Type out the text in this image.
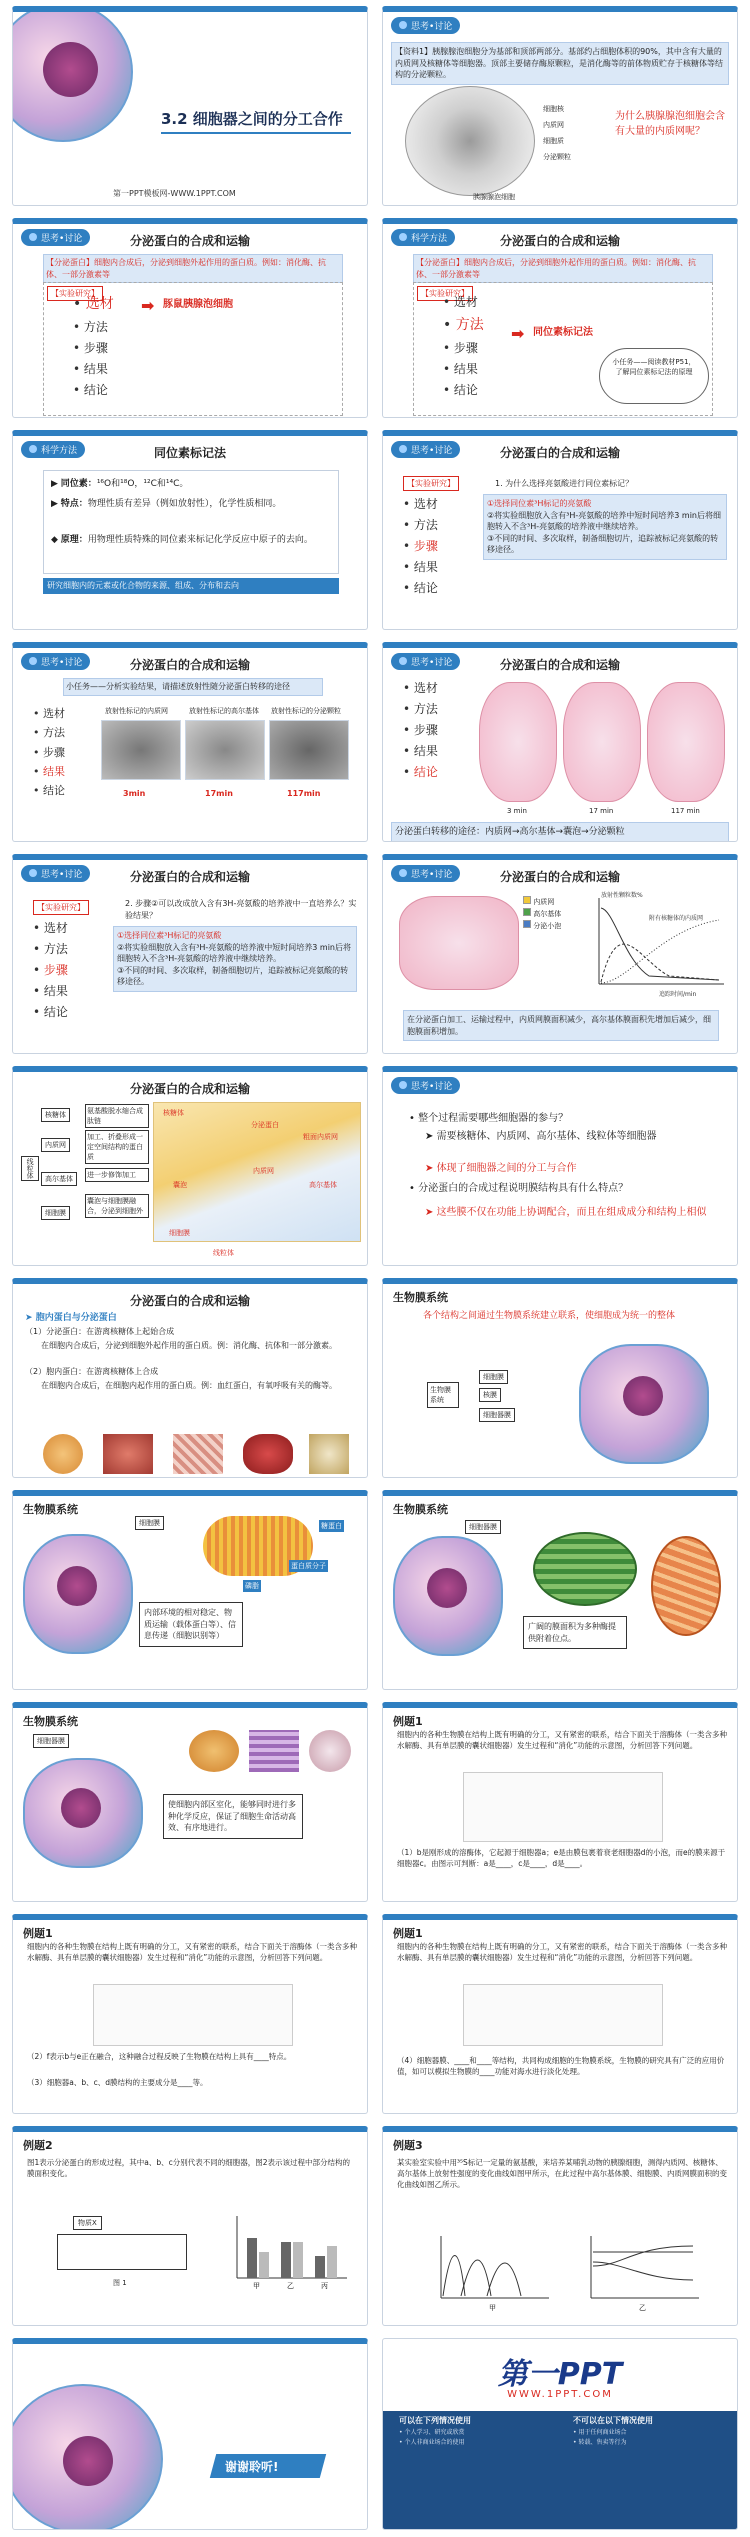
3.2 细胞器之间的分工合作
第一PPT模板网-WWW.1PPT.COM
思考•讨论
【资料1】胰腺腺泡细胞分为基部和顶部两部分。基部约占细胞体积的90%，其中含有大量的内质网及核糖体等细胞器。顶部主要储存酶原颗粒，是消化酶等的前体物质贮存于核糖体等结构的分泌颗粒。
细胞核
内质网
细胞质
分泌颗粒
胰腺腺泡细胞
为什么胰腺腺泡细胞会含有大量的内质网呢？
思考•讨论	分泌蛋白的合成和运输
【分泌蛋白】细胞内合成后，分泌到细胞外起作用的蛋白质。例如：消化酶、抗体、一部分激素等
【实验研究】
• 选材
• 方法
• 步骤
• 结果
• 结论
➡ 豚鼠胰腺泡细胞
科学方法	分泌蛋白的合成和运输
【分泌蛋白】细胞内合成后，分泌到细胞外起作用的蛋白质。例如：消化酶、抗体、一部分激素等
【实验研究】
• 选材
• 方法
• 步骤
• 结果
• 结论
➡ 同位素标记法
小任务——阅读教材P51，了解同位素标记法的原理
科学方法	同位素标记法
▶ 同位素：¹⁶O和¹⁸O，¹²C和¹⁴C。
▶ 特点：物理性质有差异（例如放射性），化学性质相同。
◆ 原理：用物理性质特殊的同位素来标记化学反应中原子的去向。
研究细胞内的元素或化合物的来源、组成、分布和去向
思考•讨论	分泌蛋白的合成和运输
【实验研究】
• 选材
• 方法
• 步骤
• 结果
• 结论
1. 为什么选择亮氨酸进行同位素标记？
①选择同位素³H标记的亮氨酸
②将实验细胞放入含有³H-亮氨酸的培养中短时间培养3 min后将细胞转入不含³H-亮氨酸的培养液中继续培养。
③不同的时间、多次取样，制备细胞切片，追踪被标记亮氨酸的转移途径。
思考•讨论	分泌蛋白的合成和运输
小任务——分析实验结果，请描述放射性随分泌蛋白转移的途径
• 选材
• 方法
• 步骤
• 结果
• 结论
放射性标记的内质网	放射性标记的高尔基体 放射性标记的分泌颗粒
3min	17min	117min
思考•讨论	分泌蛋白的合成和运输
• 选材
• 方法
• 步骤
• 结果
• 结论
3 min	17 min	117 min
分泌蛋白转移的途径：内质网→高尔基体→囊泡→分泌颗粒
思考•讨论	分泌蛋白的合成和运输
【实验研究】
• 选材
• 方法
• 步骤
• 结果
• 结论
2. 步骤②可以改成放入含有3H-亮氨酸的培养液中一直培养么？实验结果？
①选择同位素³H标记的亮氨酸
②将实验细胞放入含有³H-亮氨酸的培养液中短时间培养3 min后将细胞转入不含³H-亮氨酸的培养液中继续培养。
③不同的时间、多次取样，制备细胞切片，追踪被标记亮氨酸的转移途径。
思考•讨论	分泌蛋白的合成和运输
内质网
高尔基体
分泌小泡
放射性颗粒数%
附有核糖体的内质网
追踪时间/min
在分泌蛋白加工、运输过程中，内质网膜面积减少，高尔基体膜面积先增加后减少，细胞膜面积增加。
分泌蛋白的合成和运输
核糖体
内质网
高尔基体
细胞膜
线粒体
氨基酸脱水缩合成肽链
加工、折叠形成一定空间结构的蛋白质
进一步修饰加工
囊泡与细胞膜融合，分泌到细胞外
核糖体
分泌蛋白
囊泡
细胞膜
线粒体
粗面内质网
高尔基体
内质网
思考•讨论
• 整个过程需要哪些细胞器的参与？
➤ 需要核糖体、内质网、高尔基体、线粒体等细胞器
➤ 体现了细胞器之间的分工与合作
• 分泌蛋白的合成过程说明膜结构具有什么特点？
➤ 这些膜不仅在功能上协调配合，而且在组成成分和结构上相似
分泌蛋白的合成和运输
➤ 胞内蛋白与分泌蛋白
（1）分泌蛋白：在游离核糖体上起始合成
在细胞内合成后，分泌到细胞外起作用的蛋白质。例：消化酶、抗体和一部分激素。
（2）胞内蛋白：在游离核糖体上合成
在细胞内合成后，在细胞内起作用的蛋白质。例：血红蛋白，有氧呼吸有关的酶等。
生物膜系统
各个结构之间通过生物膜系统建立联系，使细胞成为统一的整体
生物膜系统
细胞膜
核膜
细胞器膜
生物膜系统
细胞膜	糖蛋白
磷脂
蛋白质分子
内部环境的相对稳定、物质运输（载体蛋白等）、信息传递（细胞识别等）
生物膜系统
细胞器膜
广阔的膜面积为多种酶提供附着位点。
生物膜系统
细胞器膜
使细胞内部区室化，能够同时进行多种化学反应，保证了细胞生命活动高效、有序地进行。
例题1
细胞内的各种生物膜在结构上既有明确的分工，又有紧密的联系，结合下面关于溶酶体（一类含多种水解酶、具有单层膜的囊状细胞器）发生过程和“消化”功能的示意图，分析回答下列问题。
（1）b是刚形成的溶酶体，它起源于细胞器a；e是由膜包裹着衰老细胞器d的小泡，而e的膜来源于细胞器c。由图示可判断：a是____，c是____，d是____。
例题1
细胞内的各种生物膜在结构上既有明确的分工，又有紧密的联系，结合下面关于溶酶体（一类含多种水解酶、具有单层膜的囊状细胞器）发生过程和“消化”功能的示意图，分析回答下列问题。
（2）f表示b与e正在融合，这种融合过程反映了生物膜在结构上具有____特点。
（3）细胞器a、b、c、d膜结构的主要成分是____等。
例题1
细胞内的各种生物膜在结构上既有明确的分工，又有紧密的联系，结合下面关于溶酶体（一类含多种水解酶、具有单层膜的囊状细胞器）发生过程和“消化”功能的示意图，分析回答下列问题。
（4）细胞器膜、____和____等结构，共同构成细胞的生物膜系统，生物膜的研究具有广泛的应用价值，如可以模拟生物膜的____功能对海水进行淡化处理。
例题2
图1表示分泌蛋白的形成过程，其中a、b、c分别代表不同的细胞器，图2表示该过程中部分结构的膜面积变化。
物质X
图 1	甲	乙	丙
例题3
某实验室实验中用³⁵S标记一定量的氨基酸，来培养某哺乳动物的胰腺细胞，测得内质网、核糖体、高尔基体上放射性强度的变化曲线如图甲所示，在此过程中高尔基体膜、细胞膜、内质网膜面积的变化曲线如图乙所示。
甲	乙
谢谢聆听!
第一PPT
WWW.1PPT.COM
可以在下列情况使用	不可以在以下情况使用
• 个人学习、研究或欣赏
• 个人非商业场合的使用
• 用于任何商业场合
• 转载、售卖等行为
